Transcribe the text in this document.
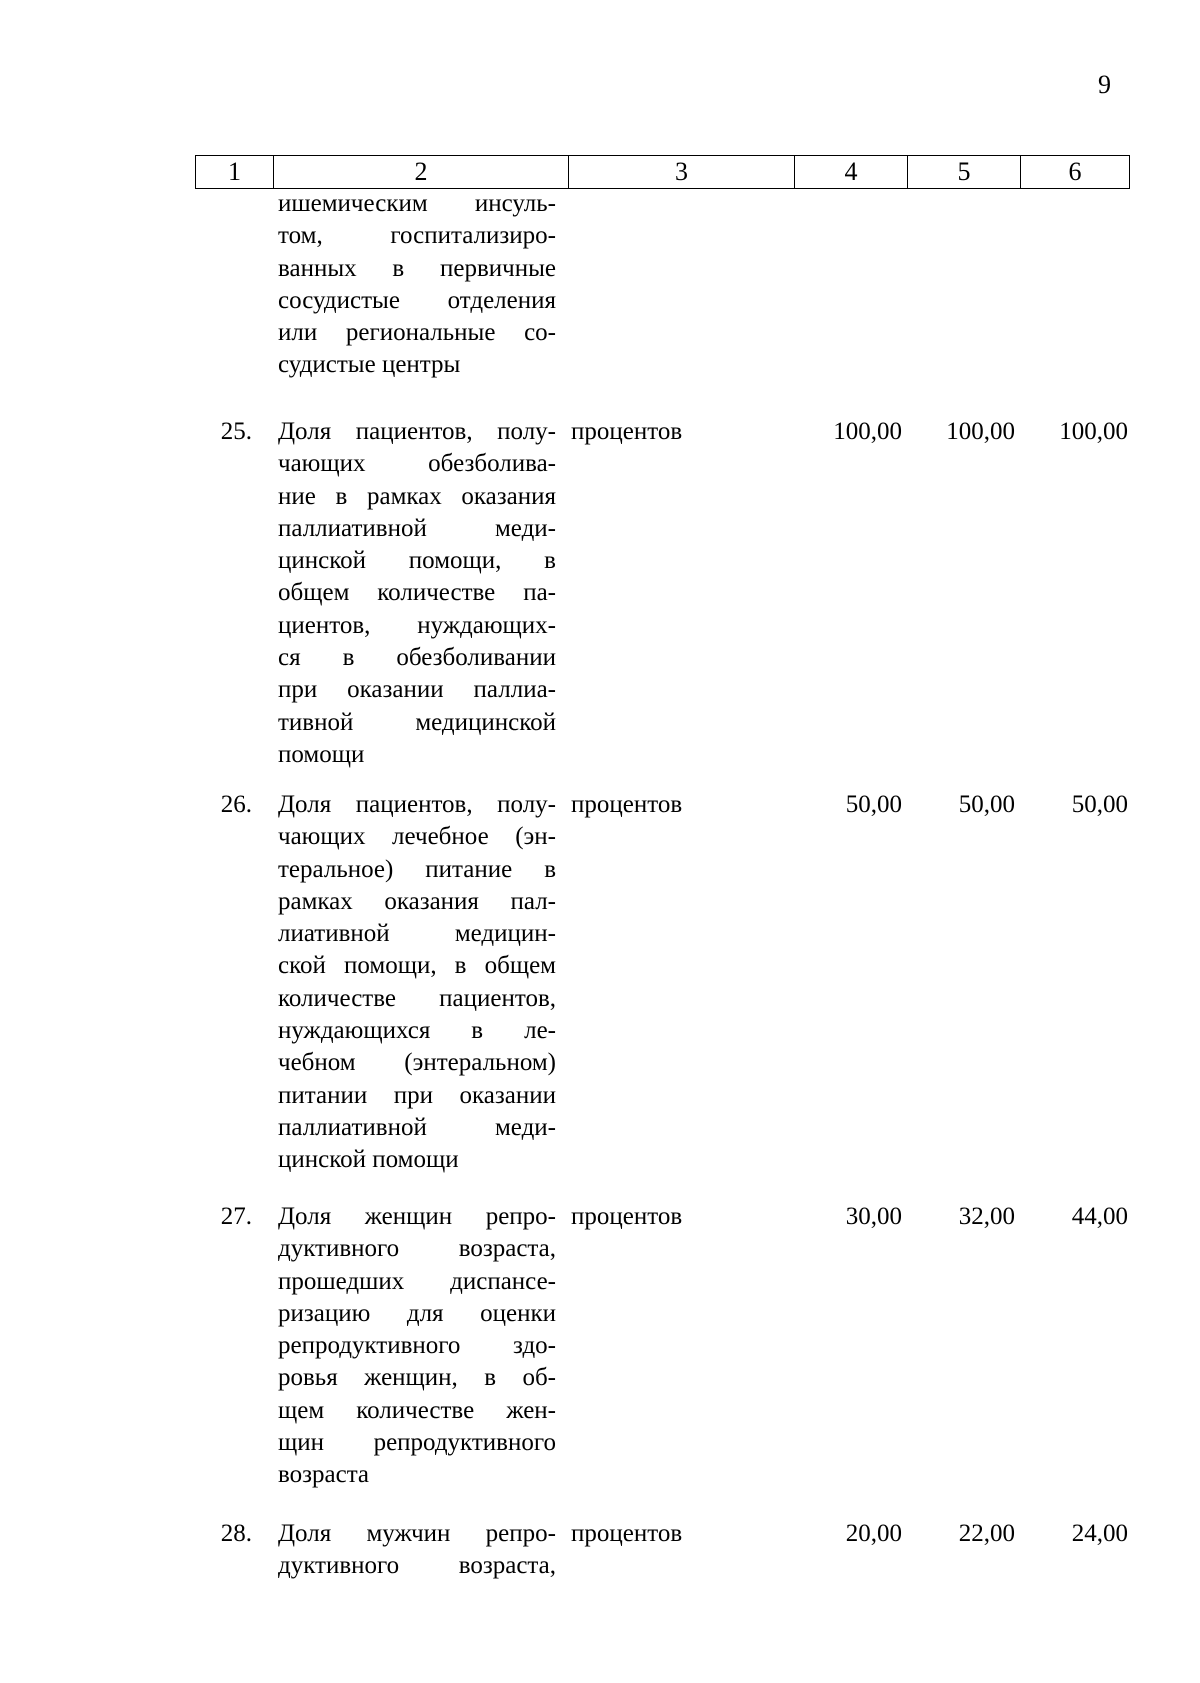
9
1	2	3	4	5	6
ишемическим инсуль-
том, госпитализиро-
ванных в первичные
сосудистые отделения
или региональные со-
судистые центры
25. Доля пациентов, полу-
чающих обезболива-
ние в рамках оказания
паллиативной меди-
цинской помощи, в
общем количестве па-
циентов, нуждающих-
ся в обезболивании
при оказании паллиа-
тивной медицинской
помощи
процентов	100,00	100,00	100,00
26. Доля пациентов, полу-
чающих лечебное (эн-
теральное) питание в
рамках оказания пал-
лиативной медицин-
ской помощи, в общем
количестве пациентов,
нуждающихся в ле-
чебном (энтеральном)
питании при оказании
паллиативной меди-
цинской помощи
процентов	50,00	50,00	50,00
27. Доля женщин репро-
дуктивного возраста,
прошедших диспансе-
ризацию для оценки
репродуктивного здо-
ровья женщин, в об-
щем количестве жен-
щин репродуктивного
возраста
процентов	30,00	32,00	44,00
28. Доля мужчин репро-
дуктивного возраста,
процентов	20,00	22,00	24,00
